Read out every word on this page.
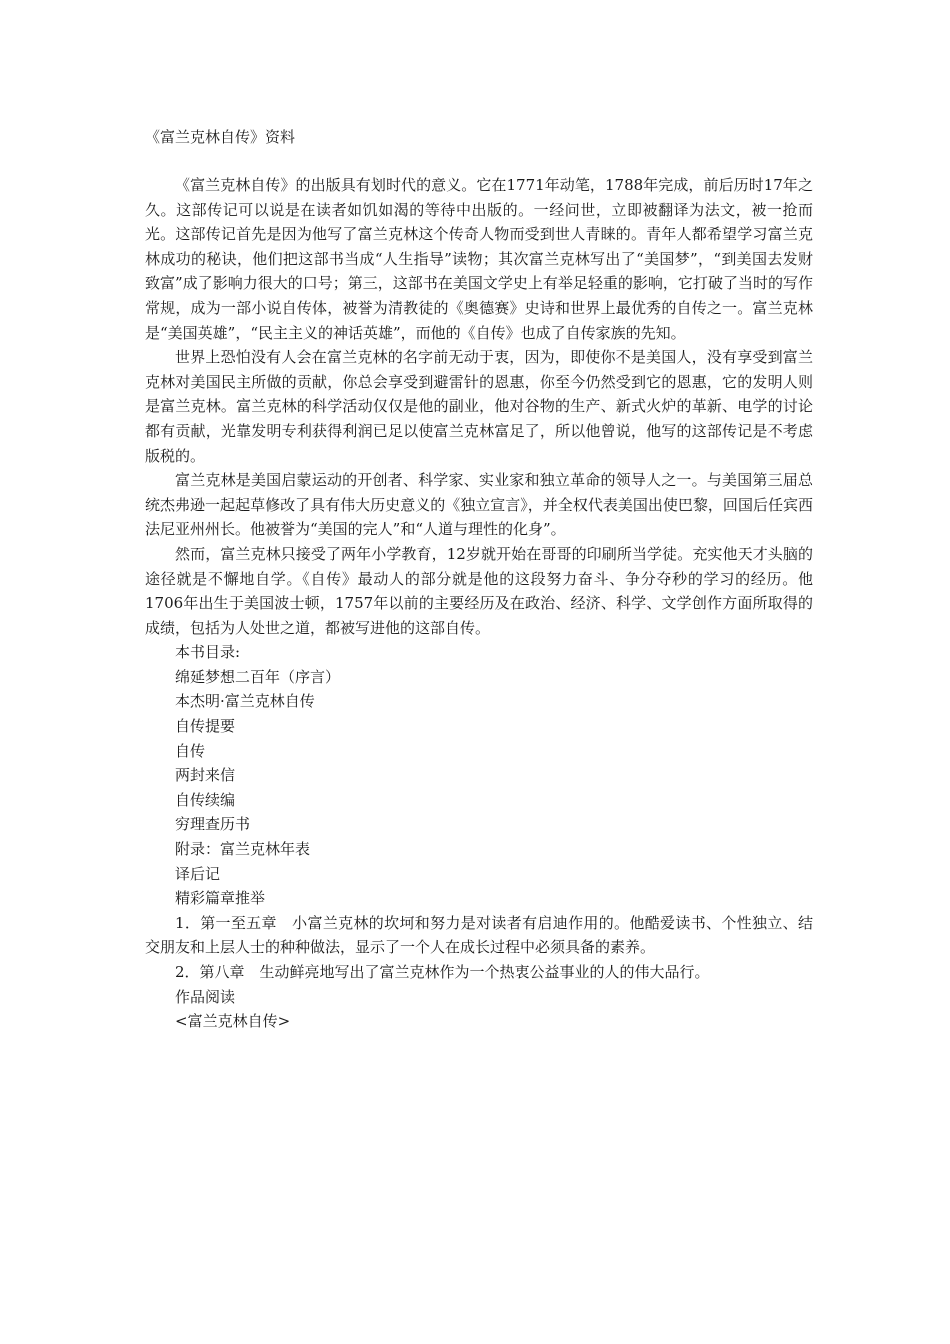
《富兰克林自传》资料

《富兰克林自传》的出版具有划时代的意义。它在1771年动笔，1788年完成，前后历时17年之久。这部传记可以说是在读者如饥如渴的等待中出版的。一经问世，立即被翻译为法文，被一抢而光。这部传记首先是因为他写了富兰克林这个传奇人物而受到世人青睐的。青年人都希望学习富兰克林成功的秘诀，他们把这部书当成“人生指导”读物；其次富兰克林写出了“美国梦”，“到美国去发财致富”成了影响力很大的口号；第三，这部书在美国文学史上有举足轻重的影响，它打破了当时的写作常规，成为一部小说自传体，被誉为清教徒的《奥德赛》史诗和世界上最优秀的自传之一。富兰克林是“美国英雄”，“民主主义的神话英雄”，而他的《自传》也成了自传家族的先知。

世界上恐怕没有人会在富兰克林的名字前无动于衷，因为，即使你不是美国人，没有享受到富兰克林对美国民主所做的贡献，你总会享受到避雷针的恩惠，你至今仍然受到它的恩惠，它的发明人则是富兰克林。富兰克林的科学活动仅仅是他的副业，他对谷物的生产、新式火炉的革新、电学的讨论都有贡献，光靠发明专利获得利润已足以使富兰克林富足了，所以他曾说，他写的这部传记是不考虑版税的。

富兰克林是美国启蒙运动的开创者、科学家、实业家和独立革命的领导人之一。与美国第三届总统杰弗逊一起起草修改了具有伟大历史意义的《独立宣言》，并全权代表美国出使巴黎，回国后任宾西法尼亚州州长。他被誉为“美国的完人”和“人道与理性的化身”。

然而，富兰克林只接受了两年小学教育，12岁就开始在哥哥的印刷所当学徒。充实他天才头脑的途径就是不懈地自学。《自传》最动人的部分就是他的这段努力奋斗、争分夺秒的学习的经历。他1706年出生于美国波士顿，1757年以前的主要经历及在政治、经济、科学、文学创作方面所取得的成绩，包括为人处世之道，都被写进他的这部自传。

本书目录:
绵延梦想二百年（序言）
本杰明·富兰克林自传
自传提要
自传
两封来信
自传续编
穷理查历书
附录：富兰克林年表
译后记
精彩篇章推举

1．第一至五章　小富兰克林的坎坷和努力是对读者有启迪作用的。他酷爱读书、个性独立、结交朋友和上层人士的种种做法，显示了一个人在成长过程中必须具备的素养。

2．第八章　生动鲜亮地写出了富兰克林作为一个热衷公益事业的人的伟大品行。

作品阅读
<富兰克林自传>
